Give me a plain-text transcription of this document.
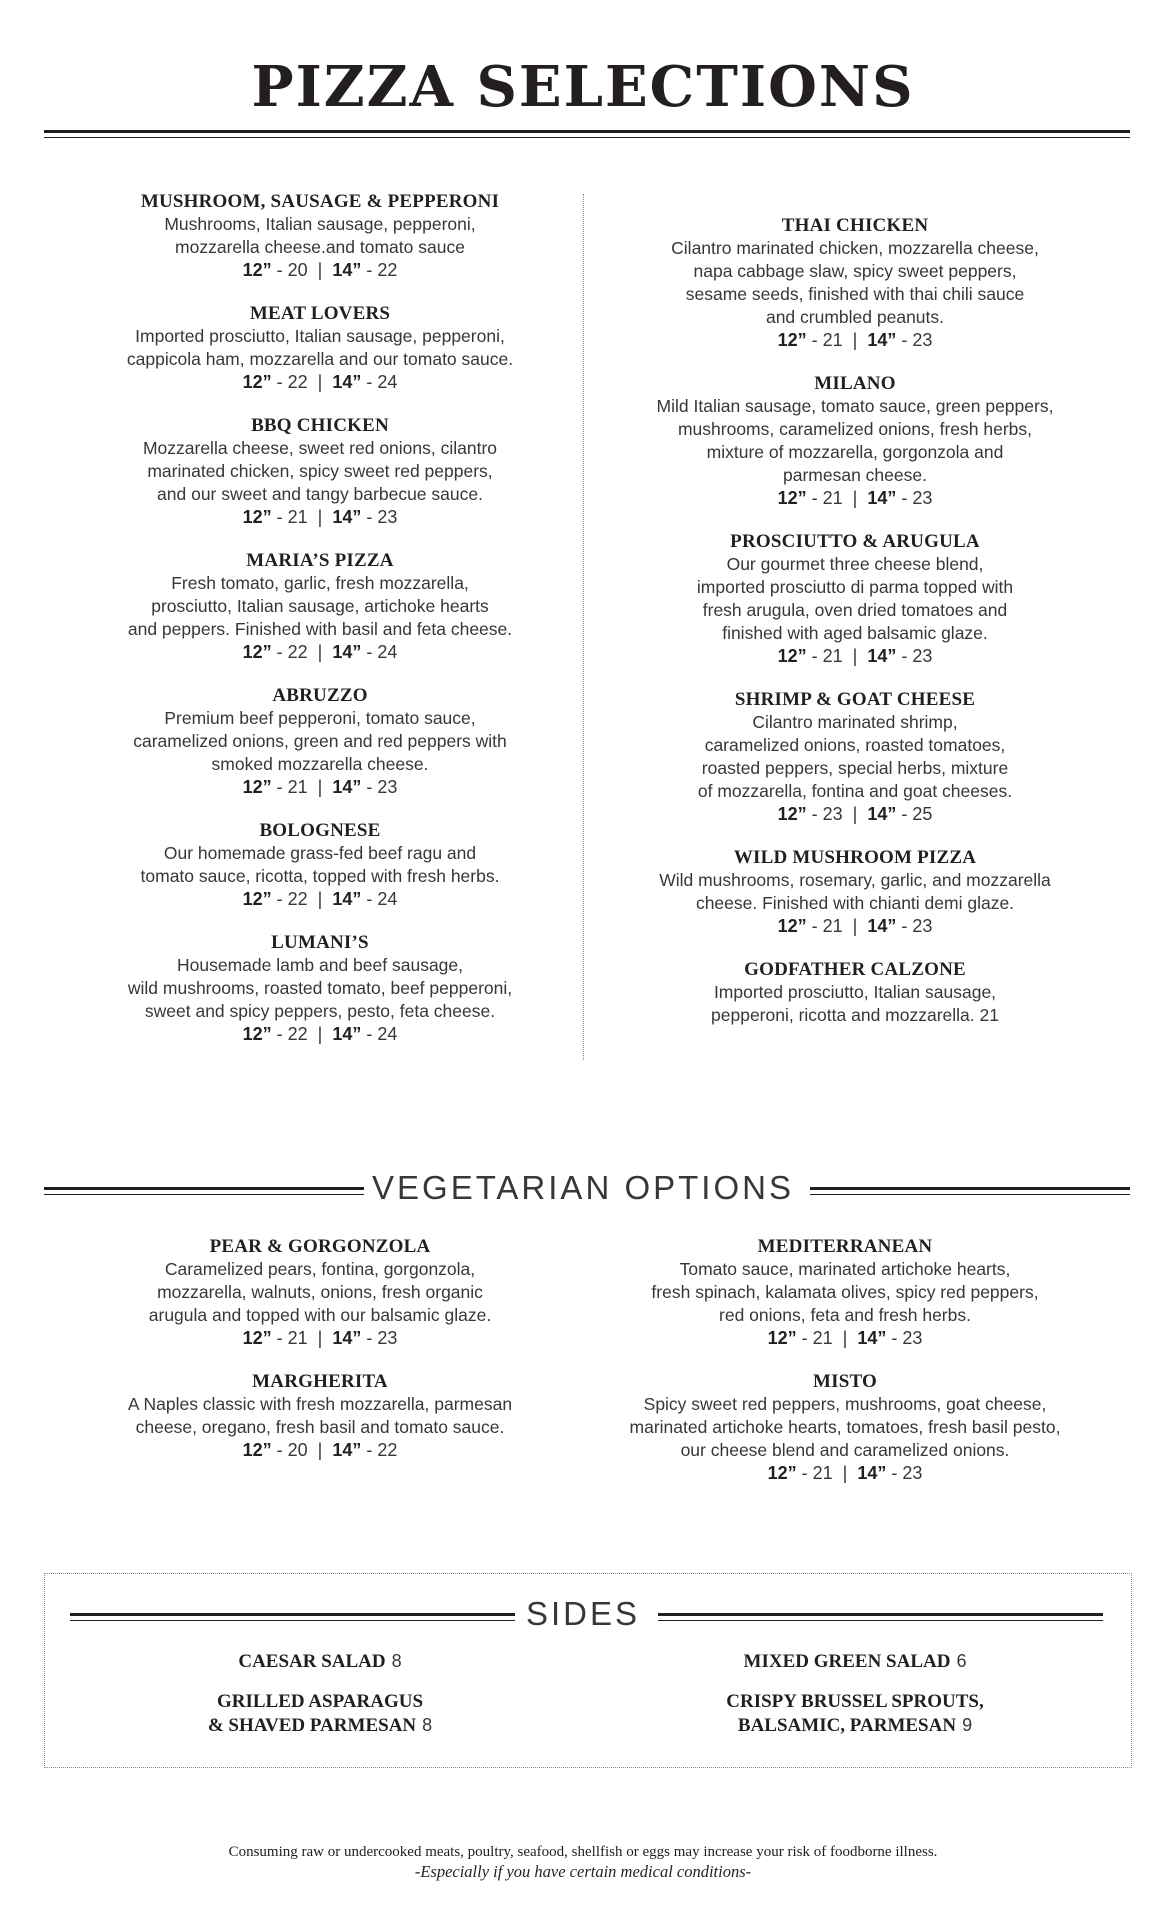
PIZZA SELECTIONS
MUSHROOM, SAUSAGE & PEPPERONI
Mushrooms, Italian sausage, pepperoni,
mozzarella cheese.and tomato sauce
12” - 20 | 14” - 22
MEAT LOVERS
Imported prosciutto, Italian sausage, pepperoni,
cappicola ham, mozzarella and our tomato sauce.
12” - 22 | 14” - 24
BBQ CHICKEN
Mozzarella cheese, sweet red onions, cilantro
marinated chicken, spicy sweet red peppers,
and our sweet and tangy barbecue sauce.
12” - 21 | 14” - 23
MARIA’S PIZZA
Fresh tomato, garlic, fresh mozzarella,
prosciutto, Italian sausage, artichoke hearts
and peppers. Finished with basil and feta cheese.
12” - 22 | 14” - 24
ABRUZZO
Premium beef pepperoni, tomato sauce,
caramelized onions, green and red peppers with
smoked mozzarella cheese.
12” - 21 | 14” - 23
BOLOGNESE
Our homemade grass-fed beef ragu and
tomato sauce, ricotta, topped with fresh herbs.
12” - 22 | 14” - 24
LUMANI’S
Housemade lamb and beef sausage,
wild mushrooms, roasted tomato, beef pepperoni,
sweet and spicy peppers, pesto, feta cheese.
12” - 22 | 14” - 24
THAI CHICKEN
Cilantro marinated chicken, mozzarella cheese,
napa cabbage slaw, spicy sweet peppers,
sesame seeds, finished with thai chili sauce
and crumbled peanuts.
12” - 21 | 14” - 23
MILANO
Mild Italian sausage, tomato sauce, green peppers,
mushrooms, caramelized onions, fresh herbs,
mixture of mozzarella, gorgonzola and
parmesan cheese.
12” - 21 | 14” - 23
PROSCIUTTO & ARUGULA
Our gourmet three cheese blend,
imported prosciutto di parma topped with
fresh arugula, oven dried tomatoes and
finished with aged balsamic glaze.
12” - 21 | 14” - 23
SHRIMP & GOAT CHEESE
Cilantro marinated shrimp,
caramelized onions, roasted tomatoes,
roasted peppers, special herbs, mixture
of mozzarella, fontina and goat cheeses.
12” - 23 | 14” - 25
WILD MUSHROOM PIZZA
Wild mushrooms, rosemary, garlic, and mozzarella
cheese. Finished with chianti demi glaze.
12” - 21 | 14” - 23
GODFATHER CALZONE
Imported prosciutto, Italian sausage,
pepperoni, ricotta and mozzarella. 21
VEGETARIAN OPTIONS
PEAR & GORGONZOLA
Caramelized pears, fontina, gorgonzola,
mozzarella, walnuts, onions, fresh organic
arugula and topped with our balsamic glaze.
12” - 21 | 14” - 23
MARGHERITA
A Naples classic with fresh mozzarella, parmesan
cheese, oregano, fresh basil and tomato sauce.
12” - 20 | 14” - 22
MEDITERRANEAN
Tomato sauce, marinated artichoke hearts,
fresh spinach, kalamata olives, spicy red peppers,
red onions, feta and fresh herbs.
12” - 21 | 14” - 23
MISTO
Spicy sweet red peppers, mushrooms, goat cheese,
marinated artichoke hearts, tomatoes, fresh basil pesto,
our cheese blend and caramelized onions.
12” - 21 | 14” - 23
SIDES
CAESAR SALAD 8	MIXED GREEN SALAD 6
GRILLED ASPARAGUS
& SHAVED PARMESAN 8
CRISPY BRUSSEL SPROUTS,
BALSAMIC, PARMESAN 9
Consuming raw or undercooked meats, poultry, seafood, shellfish or eggs may increase your risk of foodborne illness.
-Especially if you have certain medical conditions-
